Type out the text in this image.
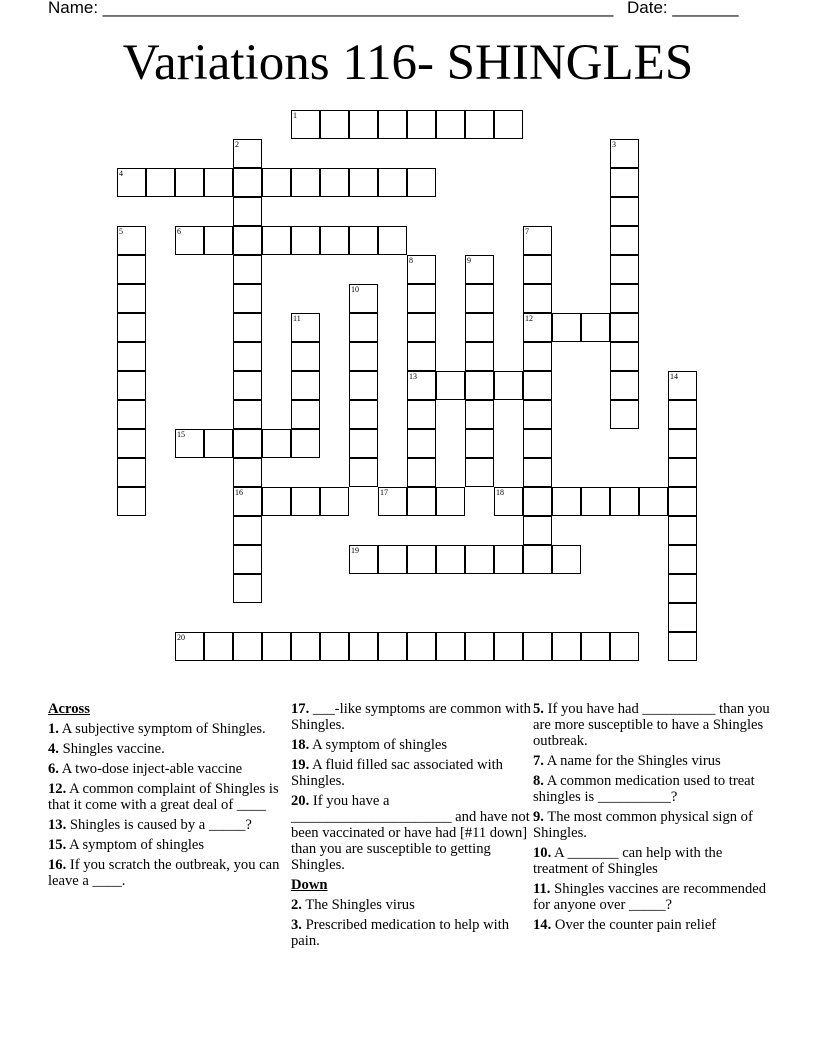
Name: ______________________________________________________ Date: _______
Variations 116- SHINGLES
1
2	3
4
5	6	7
8	9
10
11	12
13	14
15
16	17	18
19
20
Across
1. A subjective symptom of Shingles.
4. Shingles vaccine.
6. A two-dose inject-able vaccine
12. A common complaint of Shingles is that it come with a great deal of ____
13. Shingles is caused by a _____?
15. A symptom of shingles
16. If you scratch the outbreak, you can leave a ____.
17. ___-like symptoms are common with Shingles.
18. A symptom of shingles
19. A fluid filled sac associated with Shingles.
20. If you have a ______________________ and have not been vaccinated or have had [#11 down] than you are susceptible to getting Shingles.
Down
2. The Shingles virus
3. Prescribed medication to help with pain.
5. If you have had __________ than you are more susceptible to have a Shingles outbreak.
7. A name for the Shingles virus
8. A common medication used to treat shingles is __________?
9. The most common physical sign of Shingles.
10. A _______ can help with the treatment of Shingles
11. Shingles vaccines are recommended for anyone over _____?
14. Over the counter pain relief
